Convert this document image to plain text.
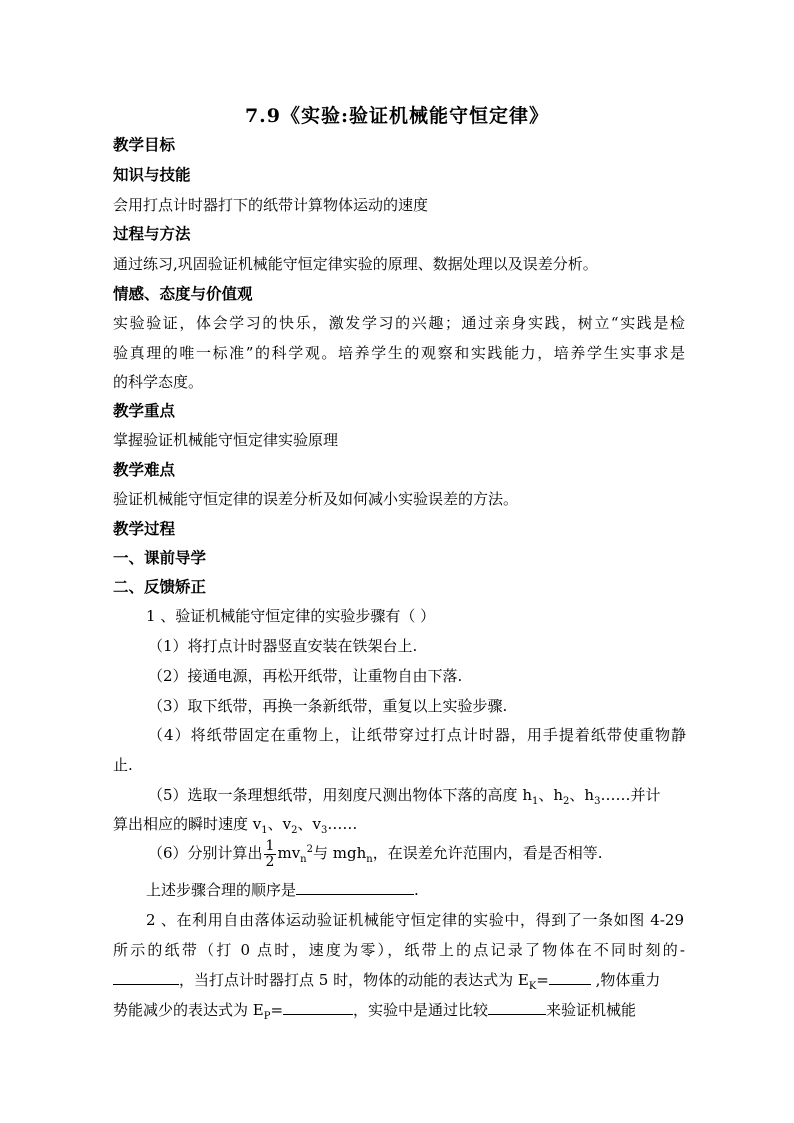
7.9《实验:验证机械能守恒定律》
教学目标
知识与技能
会用打点计时器打下的纸带计算物体运动的速度
过程与方法
通过练习,巩固验证机械能守恒定律实验的原理、数据处理以及误差分析。
情感、态度与价值观
实验验证，体会学习的快乐，激发学习的兴趣；通过亲身实践，树立“实践是检
验真理的唯一标准”的科学观。培养学生的观察和实践能力，培养学生实事求是
的科学态度。
教学重点
掌握验证机械能守恒定律实验原理
教学难点
验证机械能守恒定律的误差分析及如何减小实验误差的方法。
教学过程
一、课前导学
二、反馈矫正
1 、验证机械能守恒定律的实验步骤有（ ）
（1）将打点计时器竖直安装在铁架台上.
（2）接通电源，再松开纸带，让重物自由下落.
（3）取下纸带，再换一条新纸带，重复以上实验步骤.
（4）将纸带固定在重物上，让纸带穿过打点计时器，用手提着纸带使重物静
止.
（5）选取一条理想纸带，用刻度尺测出物体下落的高度 $h_1$、$h_2$、$h_3\dots\dots$并计
算出相应的瞬时速度 $v_1$、$v_2$、$v_3\dots\dots$
（6）分别计算出 $\frac{1}{2} mv_n^2$与 mgh$_n$，在误差允许范围内，看是否相等.
上述步骤合理的顺序是	.
2 、在利用自由落体运动验证机械能守恒定律的实验中，得到了一条如图 4-29
所示的纸带（打 0 点时，速度为零），纸带上的点记录了物体在不同时刻的-
，当打点计时器打点 5 时，物体的动能的表达式为 $E_K=$	,物体重力
势能减少的表达式为 $E_P=$	，实验中是通过比较	来验证机械能
